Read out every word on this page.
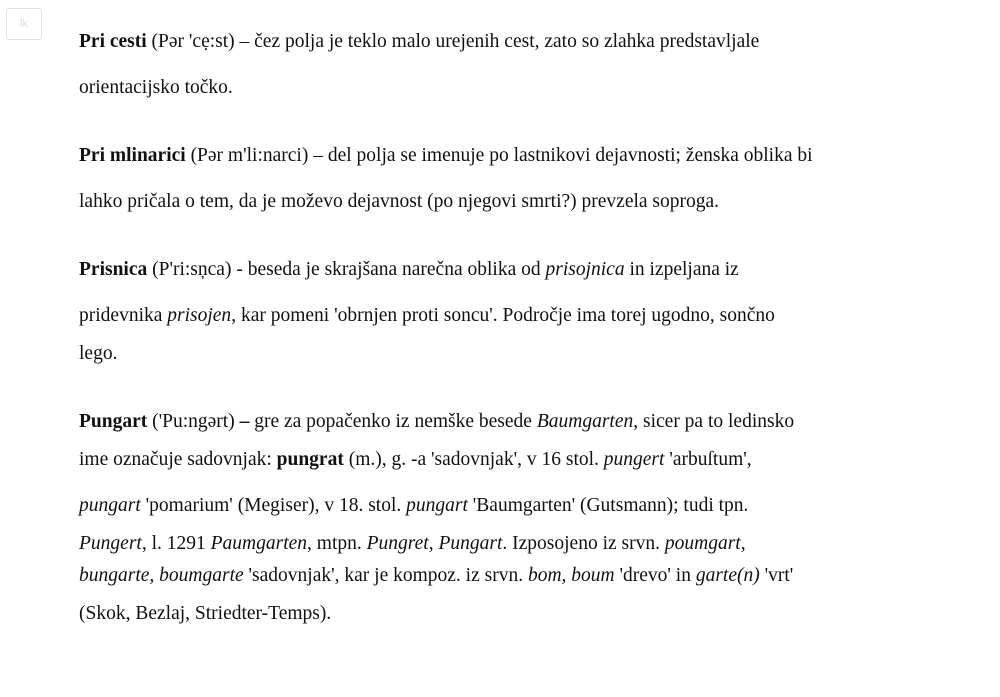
lk
Pri cesti (Pər 'cẹ:st) – čez polja je teklo malo urejenih cest, zato so zlahka predstavljale
orientacijsko točko.
Pri mlinarici (Pər m'li:narci) – del polja se imenuje po lastnikovi dejavnosti; ženska oblika bi
lahko pričala o tem, da je moževo dejavnost (po njegovi smrti?) prevzela soproga.
Prisnica (P'ri:sņca) - beseda je skrajšana narečna oblika od prisojnica in izpeljana iz
pridevnika prisojen, kar pomeni 'obrnjen proti soncu'. Področje ima torej ugodno, sončno
lego.
Pungart ('Pu:ngərt) – gre za popačenko iz nemške besede Baumgarten, sicer pa to ledinsko
ime označuje sadovnjak: pungrat (m.), g. -a 'sadovnjak', v 16 stol. pungert 'arbuſtum',
pungart 'pomarium' (Megiser), v 18. stol. pungart 'Baumgarten' (Gutsmann); tudi tpn.
Pungert, l. 1291 Paumgarten, mtpn. Pungret, Pungart. Izposojeno iz srvn. poumgart,
bungarte, boumgarte 'sadovnjak', kar je kompoz. iz srvn. bom, boum 'drevo' in garte(n) 'vrt'
(Skok, Bezlaj, Striedter-Temps).
